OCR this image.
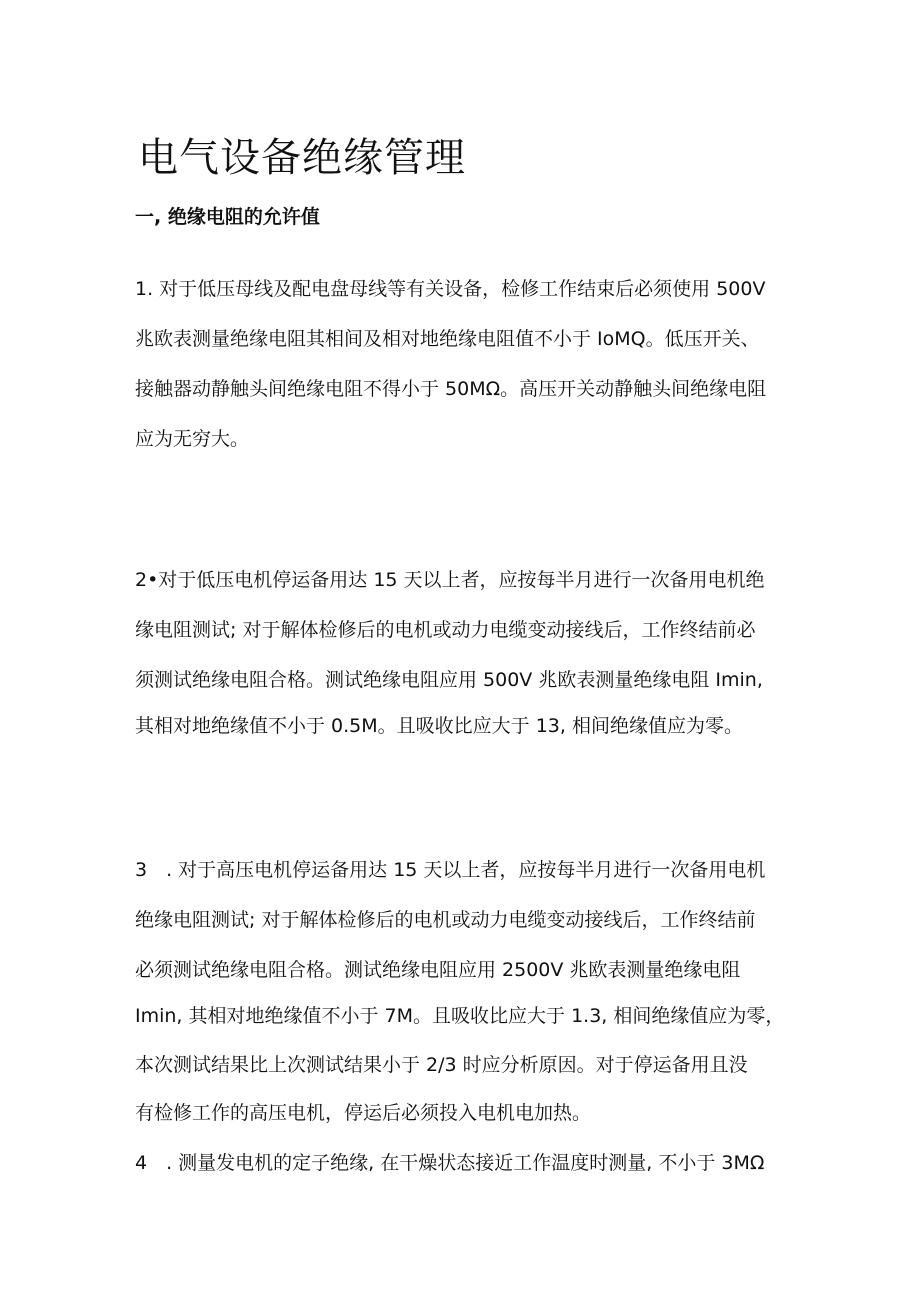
电气设备绝缘管理
一, 绝缘电阻的允许值

1. 对于低压母线及配电盘母线等有关设备，检修工作结束后必须使用 500V

兆欧表测量绝缘电阻其相间及相对地绝缘电阻值不小于 IoMQ。低压开关、

接触器动静触头间绝缘电阻不得小于 50MΩ。高压开关动静触头间绝缘电阻

应为无穷大。

2•对于低压电机停运备用达 15 天以上者，应按每半月进行一次备用电机绝

缘电阻测试; 对于解体检修后的电机或动力电缆变动接线后，工作终结前必

须测试绝缘电阻合格。测试绝缘电阻应用 500V 兆欧表测量绝缘电阻 Imin,

其相对地绝缘值不小于 0.5M。且吸收比应大于 13, 相间绝缘值应为零。

3　. 对于高压电机停运备用达 15 天以上者，应按每半月进行一次备用电机

绝缘电阻测试; 对于解体检修后的电机或动力电缆变动接线后，工作终结前

必须测试绝缘电阻合格。测试绝缘电阻应用 2500V 兆欧表测量绝缘电阻

Imin, 其相对地绝缘值不小于 7M。且吸收比应大于 1.3, 相间绝缘值应为零，

本次测试结果比上次测试结果小于 2/3 时应分析原因。对于停运备用且没

有检修工作的高压电机，停运后必须投入电机电加热。

4　. 测量发电机的定子绝缘, 在干燥状态接近工作温度时测量, 不小于 3MΩ
